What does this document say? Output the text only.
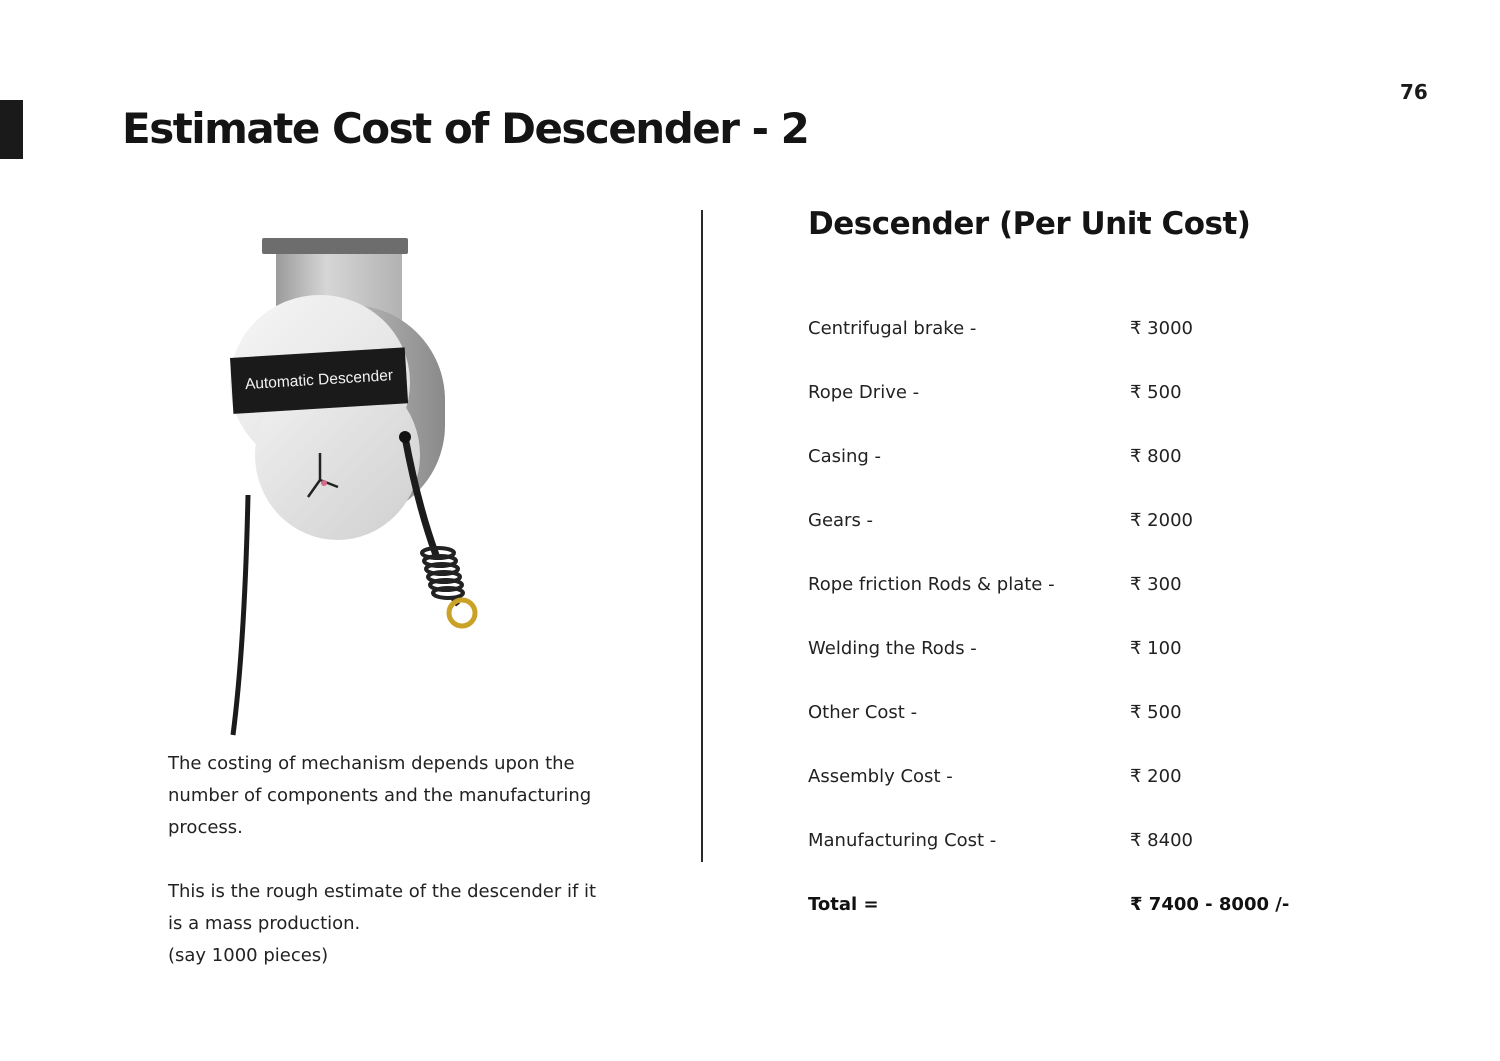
76
Estimate Cost of Descender - 2
Automatic Descender
The costing of mechanism depends upon the number of components and the manufacturing process.
This is the rough estimate of the descender if it is a mass production.
(say 1000 pieces)
Descender (Per Unit Cost)
Centrifugal brake -	₹ 3000
Rope Drive -	₹ 500
Casing -	₹ 800
Gears -	₹ 2000
Rope friction Rods & plate -	₹ 300
Welding the Rods -	₹ 100
Other Cost -	₹ 500
Assembly Cost -	₹ 200
Manufacturing Cost -	₹ 8400
Total =	₹ 7400 - 8000 /-
